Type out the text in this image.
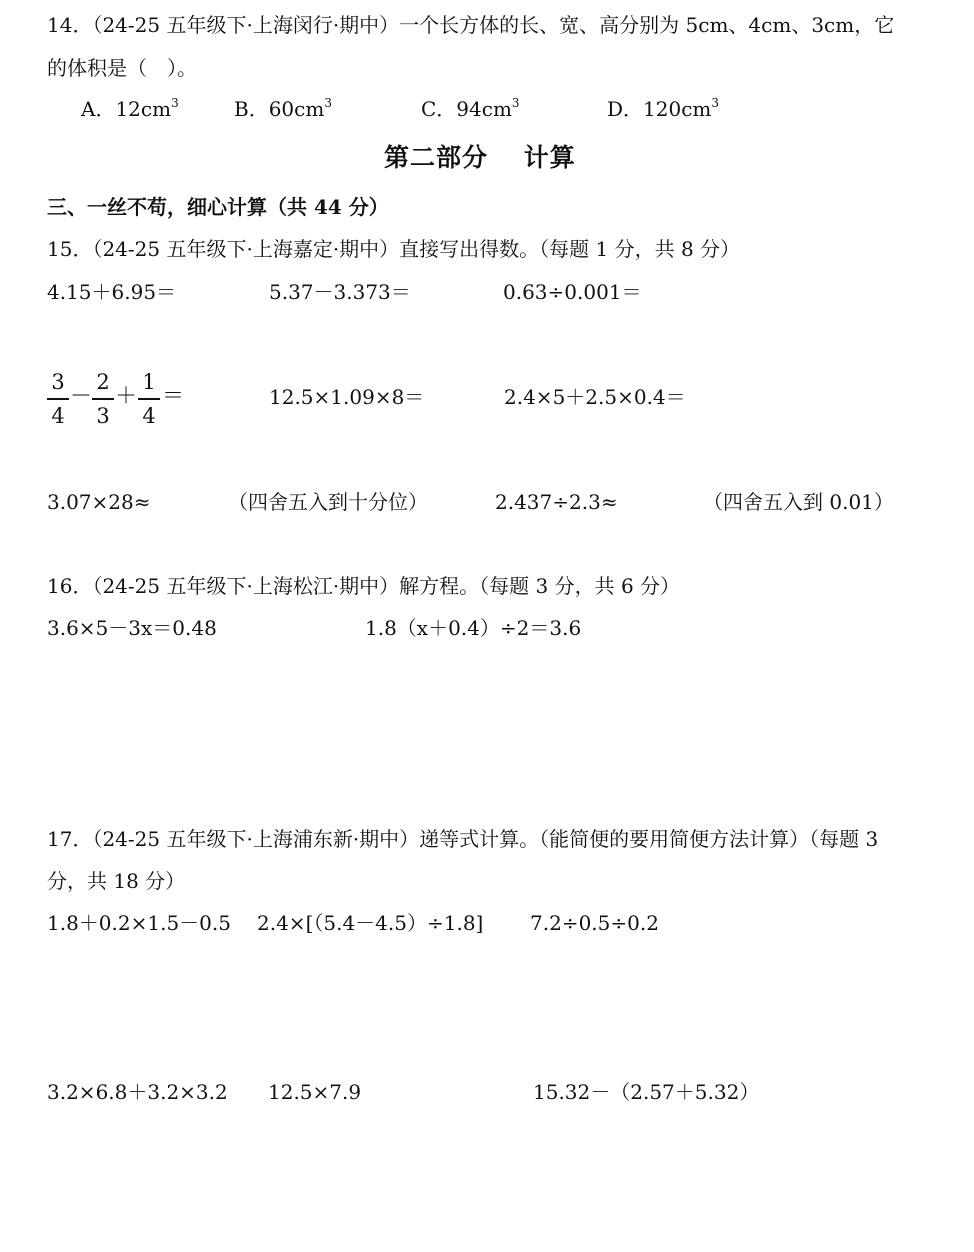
14．（24-25 五年级下·上海闵行·期中）一个长方体的长、宽、高分别为 5cm、4cm、3cm，它
的体积是（　）。
A．$12cm^3$	B．$60cm^3$	C．$94cm^3$	D．$120cm^3$
第二部分　 计算
三、一丝不苟，细心计算（共 44 分）
15．（24-25 五年级下·上海嘉定·期中）直接写出得数。（每题 1 分，共 8 分）
4.15＋6.95＝	5.37－3.373＝	0.63÷0.001＝
3
4
－
2
3
＋
1
4
＝	12.5×1.09×8＝	2.4×5＋2.5×0.4＝
3.07×28≈	（四舍五入到十分位）	2.437÷2.3≈	（四舍五入到 0.01）
16．（24-25 五年级下·上海松江·期中）解方程。（每题 3 分，共 6 分）
3.6×5－3x＝0.48	1.8（x＋0.4）÷2＝3.6
17．（24-25 五年级下·上海浦东新·期中）递等式计算。（能简便的要用简便方法计算）（每题 3
分，共 18 分）
1.8＋0.2×1.5－0.5 2.4×[（5.4－4.5）÷1.8] 7.2÷0.5÷0.2
3.2×6.8＋3.2×3.2 12.5×7.9	15.32－（2.57＋5.32）
